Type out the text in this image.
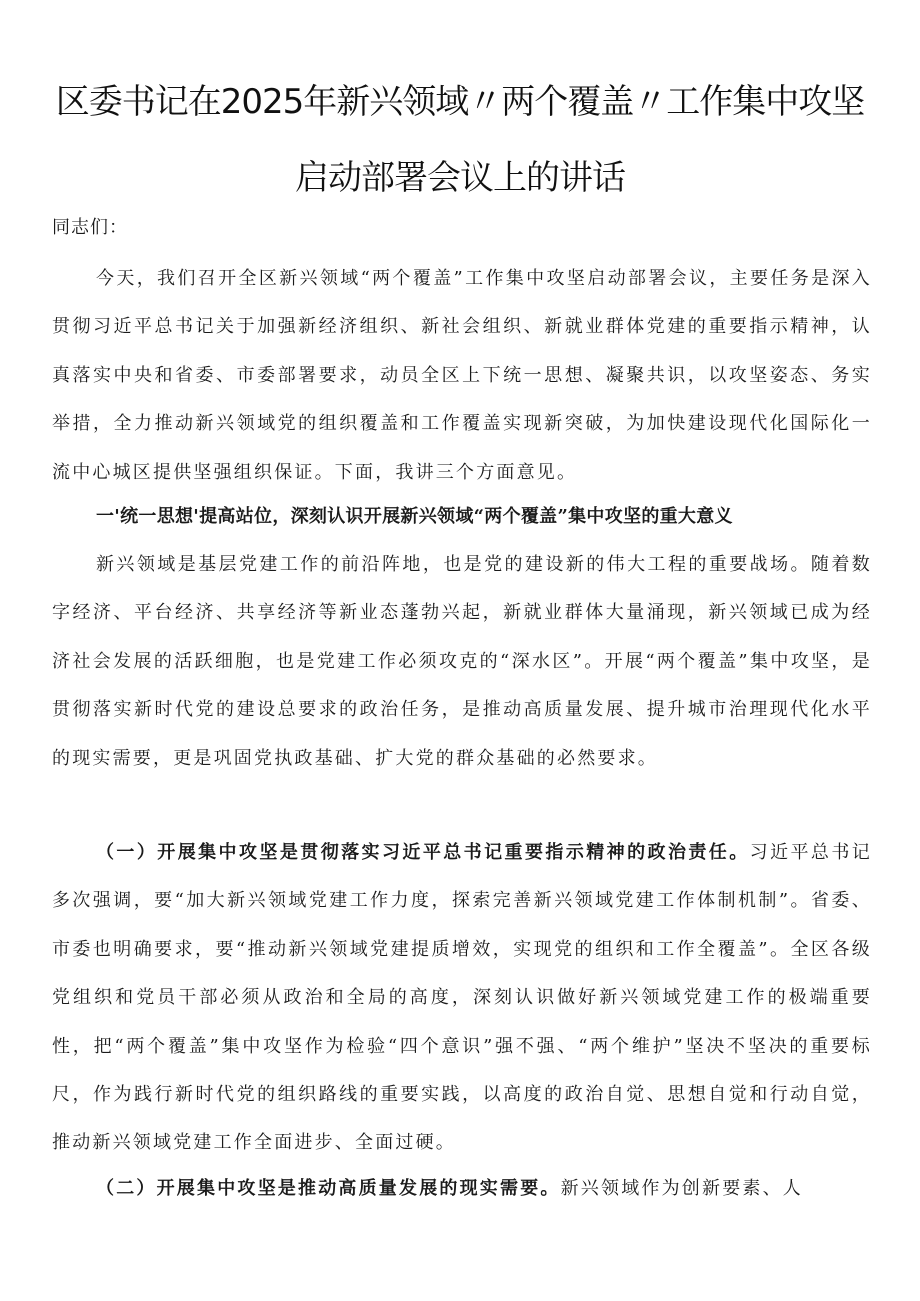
区委书记在2025年新兴领域〃两个覆盖〃工作集中攻坚
启动部署会议上的讲话

同志们：

今天，我们召开全区新兴领域“两个覆盖”工作集中攻坚启动部署会议，主要任务是深入贯彻习近平总书记关于加强新经济组织、新社会组织、新就业群体党建的重要指示精神，认真落实中央和省委、市委部署要求，动员全区上下统一思想、凝聚共识，以攻坚姿态、务实举措，全力推动新兴领域党的组织覆盖和工作覆盖实现新突破，为加快建设现代化国际化一流中心城区提供坚强组织保证。下面，我讲三个方面意见。

一'统一思想'提高站位，深刻认识开展新兴领域“两个覆盖”集中攻坚的重大意义

新兴领域是基层党建工作的前沿阵地，也是党的建设新的伟大工程的重要战场。随着数字经济、平台经济、共享经济等新业态蓬勃兴起，新就业群体大量涌现，新兴领域已成为经济社会发展的活跃细胞，也是党建工作必须攻克的“深水区”。开展“两个覆盖”集中攻坚，是贯彻落实新时代党的建设总要求的政治任务，是推动高质量发展、提升城市治理现代化水平的现实需要，更是巩固党执政基础、扩大党的群众基础的必然要求。

（一）开展集中攻坚是贯彻落实习近平总书记重要指示精神的政治责任。习近平总书记多次强调，要“加大新兴领域党建工作力度，探索完善新兴领域党建工作体制机制”。省委、市委也明确要求，要“推动新兴领域党建提质增效，实现党的组织和工作全覆盖”。全区各级党组织和党员干部必须从政治和全局的高度，深刻认识做好新兴领域党建工作的极端重要性，把“两个覆盖”集中攻坚作为检验“四个意识”强不强、“两个维护”坚决不坚决的重要标尺，作为践行新时代党的组织路线的重要实践，以高度的政治自觉、思想自觉和行动自觉，推动新兴领域党建工作全面进步、全面过硬。

（二）开展集中攻坚是推动高质量发展的现实需要。新兴领域作为创新要素、人
